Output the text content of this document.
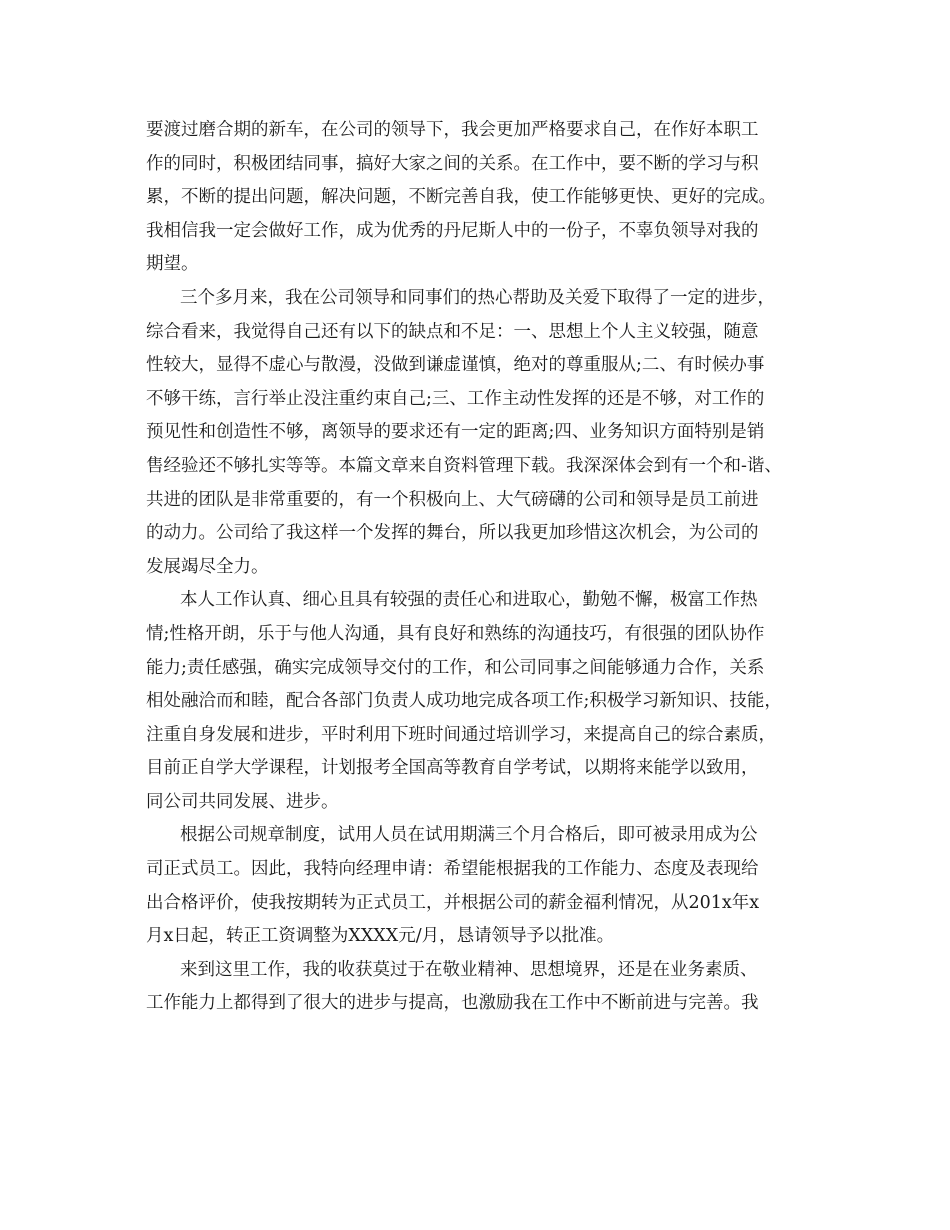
要渡过磨合期的新车，在公司的领导下，我会更加严格要求自己，在作好本职工
作的同时，积极团结同事，搞好大家之间的关系。在工作中，要不断的学习与积
累，不断的提出问题，解决问题，不断完善自我，使工作能够更快、更好的完成。
我相信我一定会做好工作，成为优秀的丹尼斯人中的一份子，不辜负领导对我的
期望。
三个多月来，我在公司领导和同事们的热心帮助及关爱下取得了一定的进步，
综合看来，我觉得自己还有以下的缺点和不足：一、思想上个人主义较强，随意
性较大，显得不虚心与散漫，没做到谦虚谨慎，绝对的尊重服从;二、有时候办事
不够干练，言行举止没注重约束自己;三、工作主动性发挥的还是不够，对工作的
预见性和创造性不够，离领导的要求还有一定的距离;四、业务知识方面特别是销
售经验还不够扎实等等。本篇文章来自资料管理下载。我深深体会到有一个和-谐、
共进的团队是非常重要的，有一个积极向上、大气磅礴的公司和领导是员工前进
的动力。公司给了我这样一个发挥的舞台，所以我更加珍惜这次机会，为公司的
发展竭尽全力。
本人工作认真、细心且具有较强的责任心和进取心，勤勉不懈，极富工作热
情;性格开朗，乐于与他人沟通，具有良好和熟练的沟通技巧，有很强的团队协作
能力;责任感强，确实完成领导交付的工作，和公司同事之间能够通力合作，关系
相处融洽而和睦，配合各部门负责人成功地完成各项工作;积极学习新知识、技能，
注重自身发展和进步，平时利用下班时间通过培训学习，来提高自己的综合素质，
目前正自学大学课程，计划报考全国高等教育自学考试，以期将来能学以致用，
同公司共同发展、进步。
根据公司规章制度，试用人员在试用期满三个月合格后，即可被录用成为公
司正式员工。因此，我特向经理申请：希望能根据我的工作能力、态度及表现给
出合格评价，使我按期转为正式员工，并根据公司的薪金福利情况，从201x年x
月x日起，转正工资调整为XXXX元/月，恳请领导予以批准。
来到这里工作，我的收获莫过于在敬业精神、思想境界，还是在业务素质、
工作能力上都得到了很大的进步与提高，也激励我在工作中不断前进与完善。我
